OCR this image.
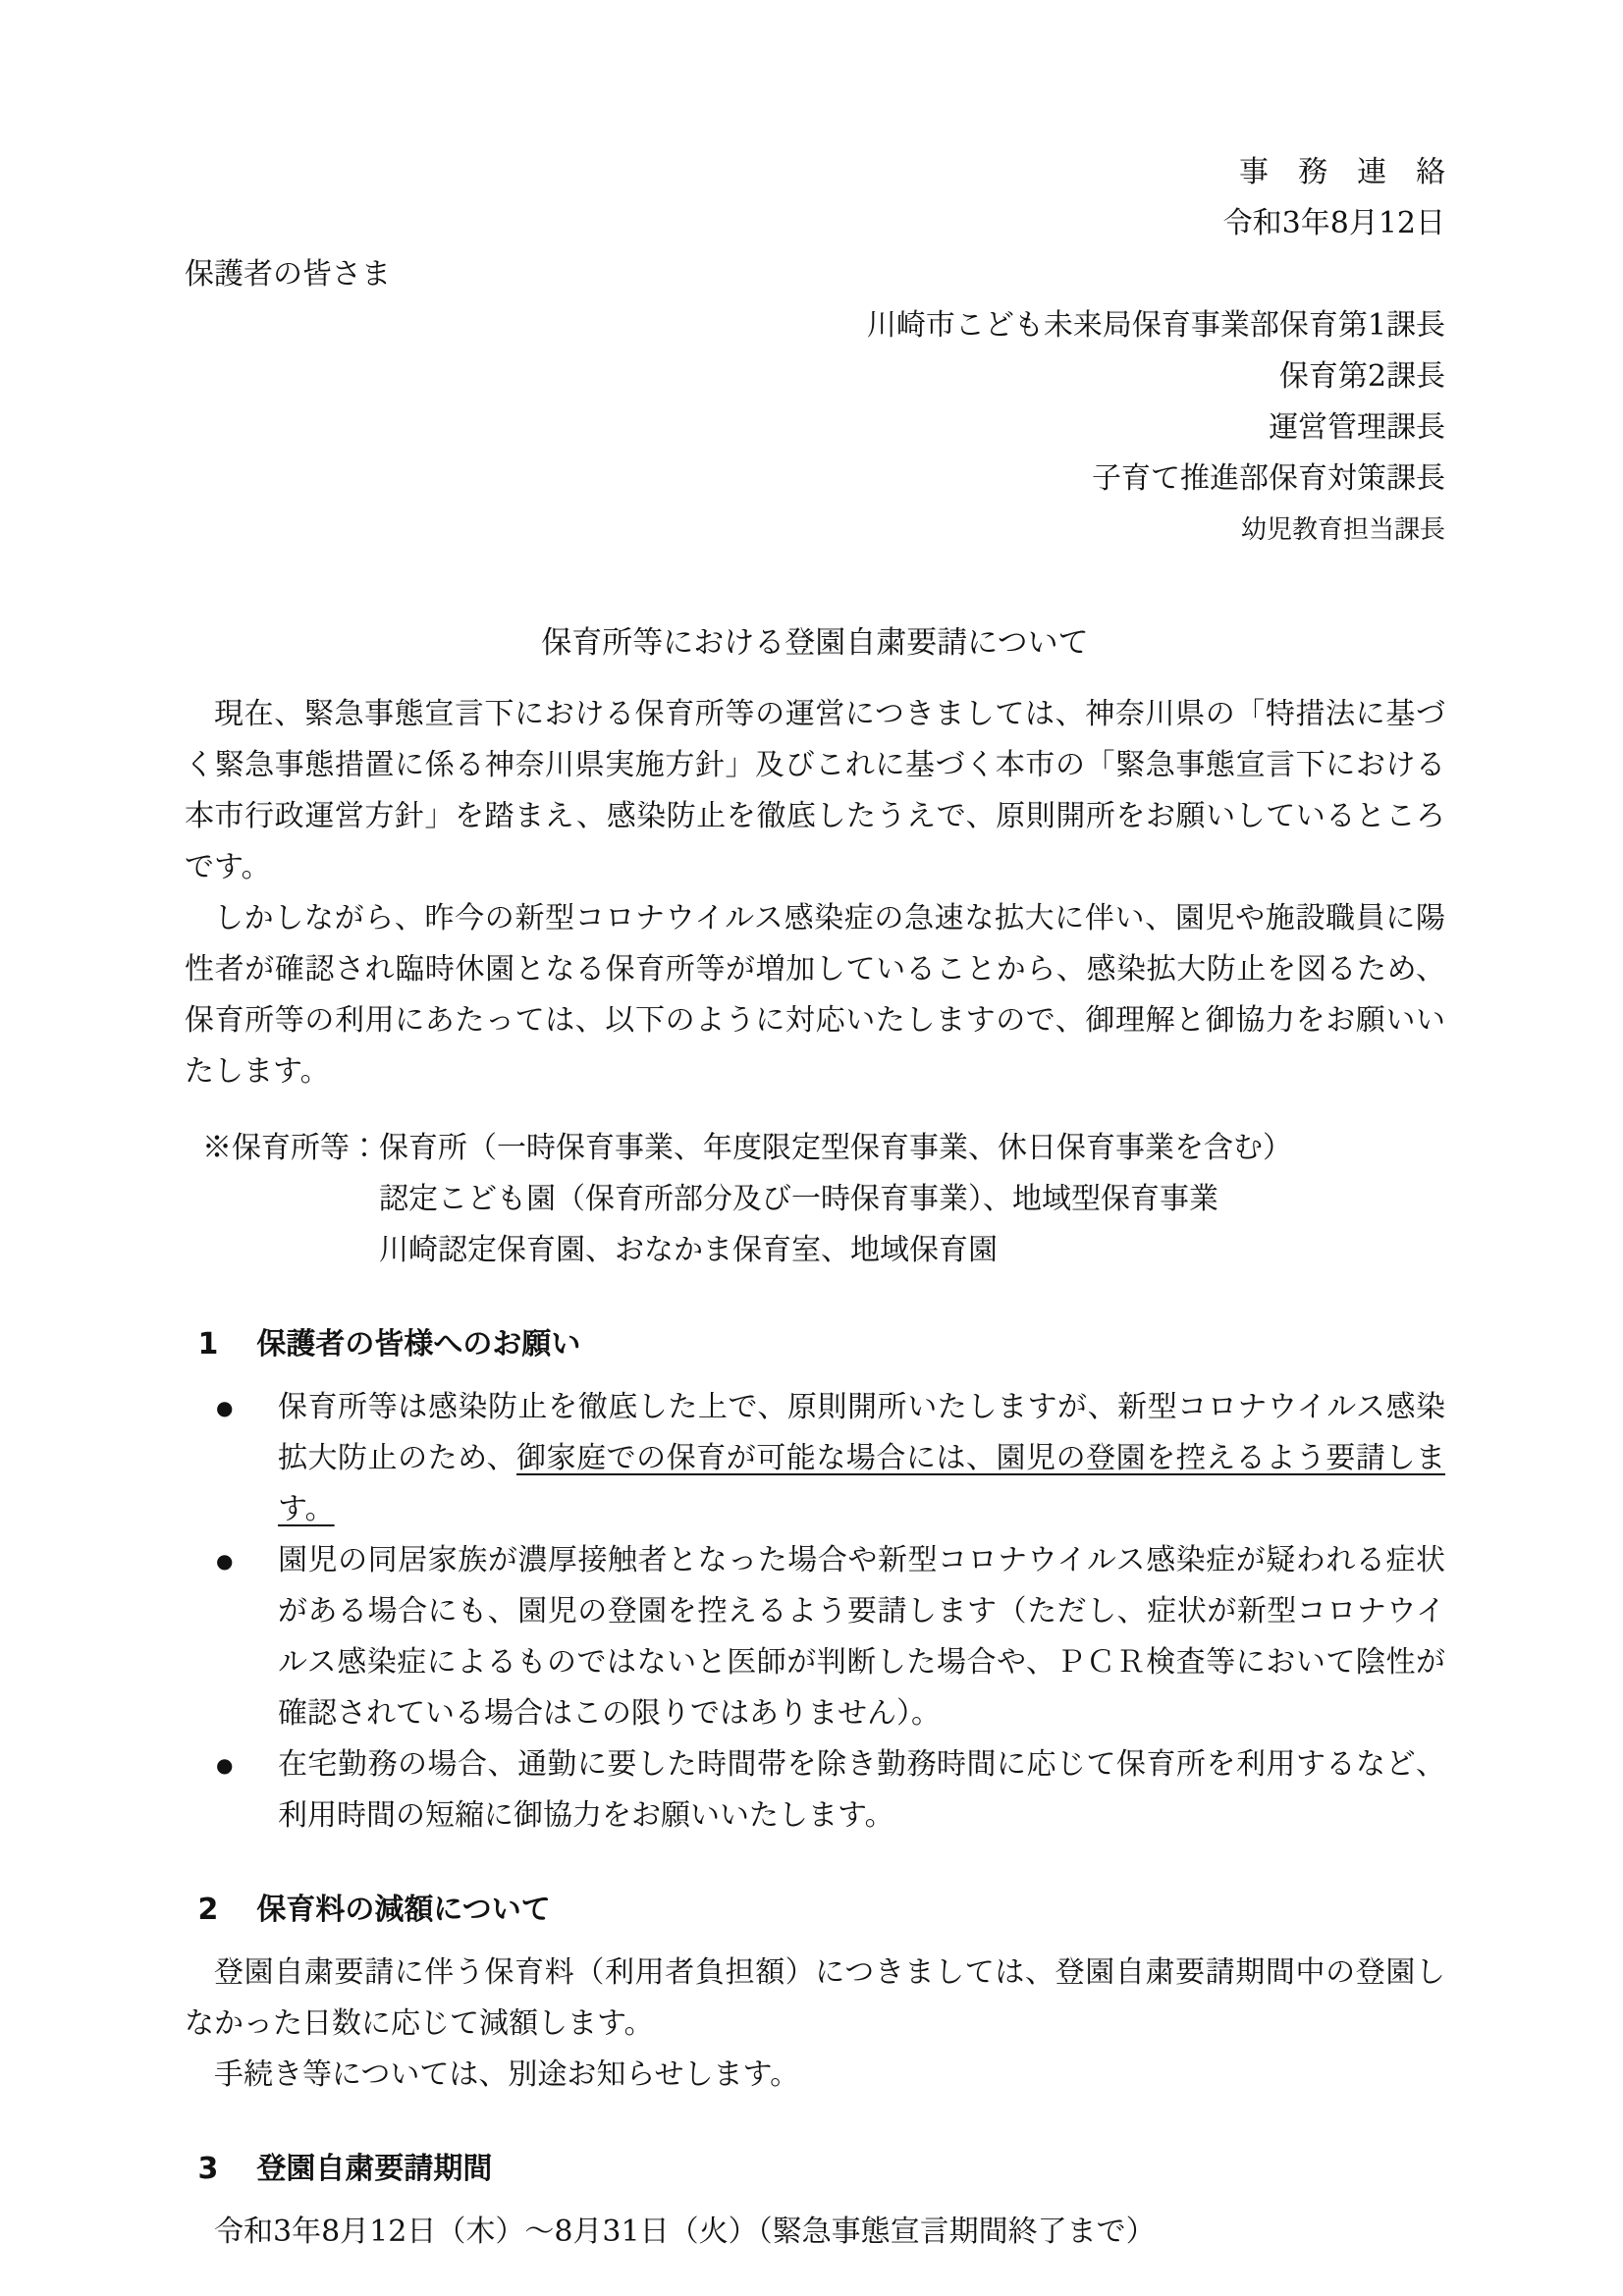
事　務　連　絡
令和3年8月12日
保護者の皆さま
川崎市こども未来局保育事業部保育第1課長
保育第2課長
運営管理課長
子育て推進部保育対策課長
幼児教育担当課長
保育所等における登園自粛要請について

現在、緊急事態宣言下における保育所等の運営につきましては、神奈川県の「特措法に基づく緊急事態措置に係る神奈川県実施方針」及びこれに基づく本市の「緊急事態宣言下における本市行政運営方針」を踏まえ、感染防止を徹底したうえで、原則開所をお願いしているところです。

しかしながら、昨今の新型コロナウイルス感染症の急速な拡大に伴い、園児や施設職員に陽性者が確認され臨時休園となる保育所等が増加していることから、感染拡大防止を図るため、保育所等の利用にあたっては、以下のように対応いたしますので、御理解と御協力をお願いいたします。

※保育所等： 保育所（一時保育事業、年度限定型保育事業、休日保育事業を含む）
認定こども園（保育所部分及び一時保育事業）、地域型保育事業
川崎認定保育園、おなかま保育室、地域保育園
1 保護者の皆様へのお願い
●	保育所等は感染防止を徹底した上で、原則開所いたしますが、新型コロナウイルス感染拡大防止のため、御家庭での保育が可能な場合には、園児の登園を控えるよう要請します。
●	園児の同居家族が濃厚接触者となった場合や新型コロナウイルス感染症が疑われる症状がある場合にも、園児の登園を控えるよう要請します（ただし、症状が新型コロナウイルス感染症によるものではないと医師が判断した場合や、ＰＣＲ検査等において陰性が確認されている場合はこの限りではありません）。
●	在宅勤務の場合、通勤に要した時間帯を除き勤務時間に応じて保育所を利用するなど、利用時間の短縮に御協力をお願いいたします。
2 保育料の減額について

登園自粛要請に伴う保育料（利用者負担額）につきましては、登園自粛要請期間中の登園しなかった日数に応じて減額します。

手続き等については、別途お知らせします。

3 登園自粛要請期間

令和3年8月12日（木）～8月31日（火）（緊急事態宣言期間終了まで）
